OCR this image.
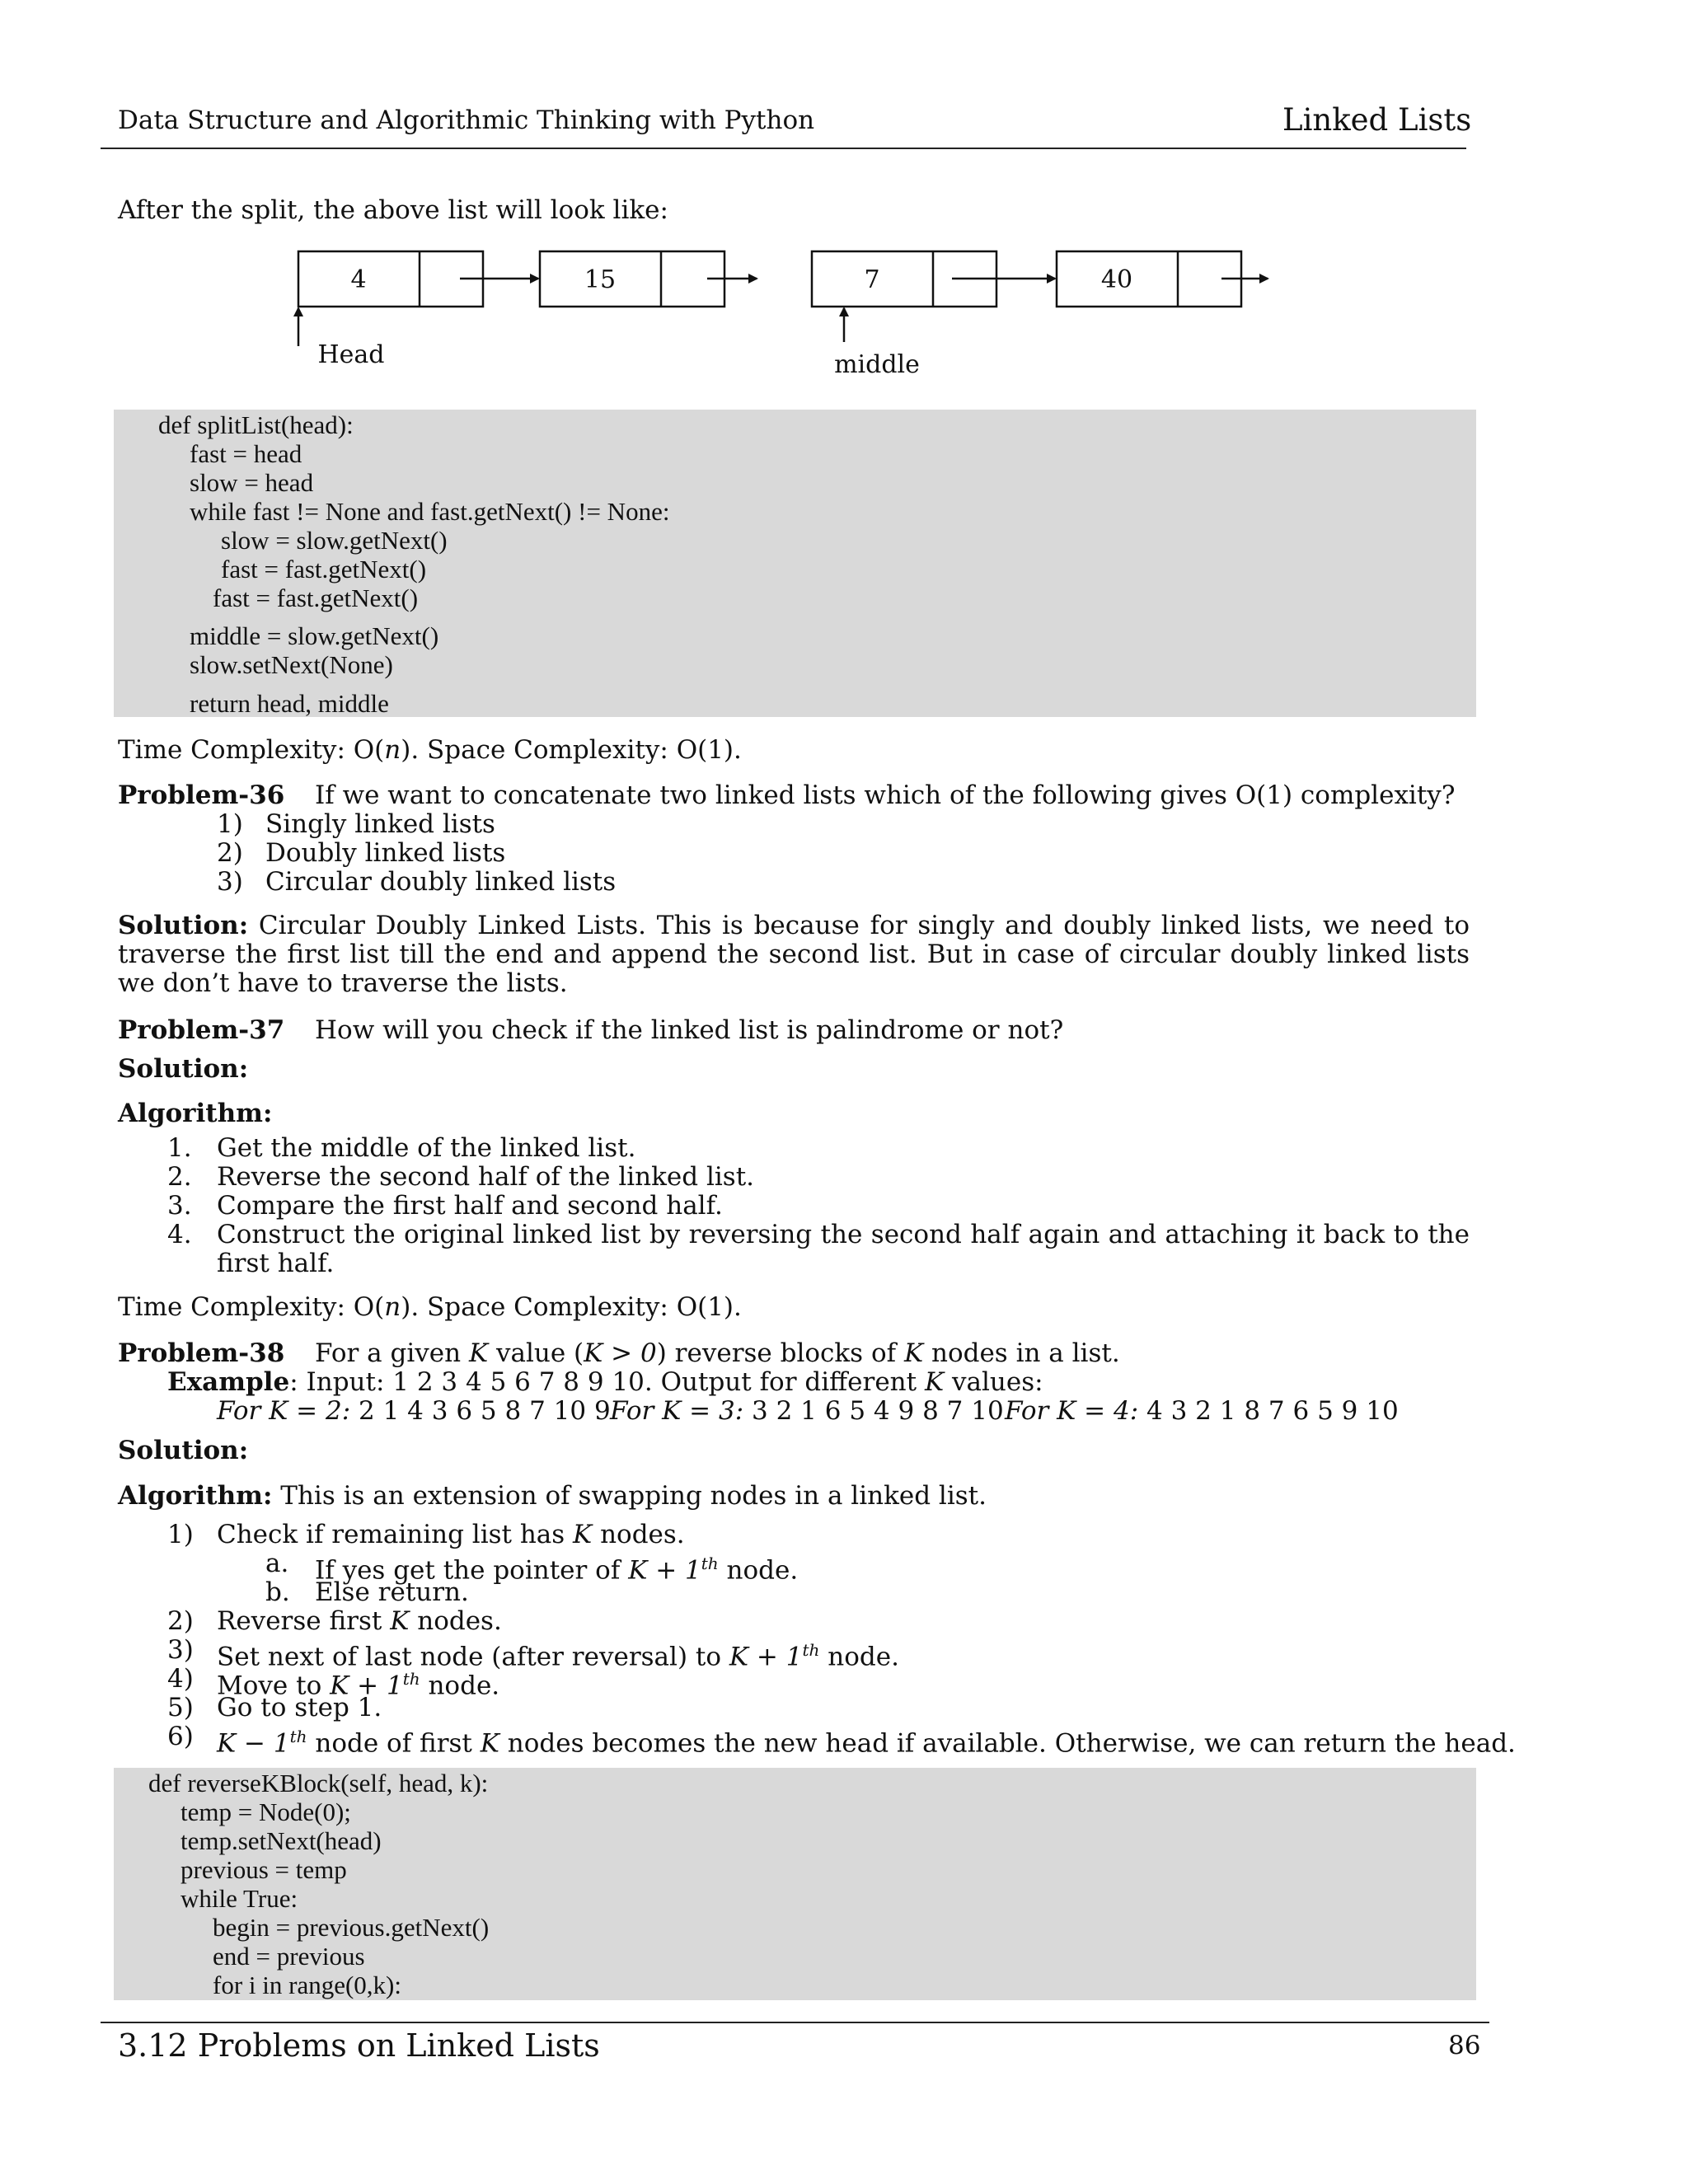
Data Structure and Algorithmic Thinking with Python	Linked Lists
After the split, the above list will look like:
4	15	7	40
Head	middle
def splitList(head):
fast = head
slow = head
while fast != None and fast.getNext() != None:
slow = slow.getNext()
fast = fast.getNext()
fast = fast.getNext()
middle = slow.getNext()
slow.setNext(None)
return head, middle
Time Complexity: O(n). Space Complexity: O(1).
Problem-36 If we want to concatenate two linked lists which of the following gives O(1) complexity?
1) Singly linked lists
2) Doubly linked lists
3) Circular doubly linked lists
Solution: Circular Doubly Linked Lists. This is because for singly and doubly linked lists, we need to traverse the first list till the end and append the second list. But in case of circular doubly linked lists we don’t have to traverse the lists.
Problem-37 How will you check if the linked list is palindrome or not?
Solution:
Algorithm:
1. Get the middle of the linked list.
2. Reverse the second half of the linked list.
3. Compare the first half and second half.
4. Construct the original linked list by reversing the second half again and attaching it back to the first half.
Time Complexity: O(n). Space Complexity: O(1).
Problem-38 For a given K value (K > 0) reverse blocks of K nodes in a list.
Example: Input: 1 2 3 4 5 6 7 8 9 10. Output for different K values:
For K = 2: 2 1 4 3 6 5 8 7 10 9 For K = 3: 3 2 1 6 5 4 9 8 7 10 For K = 4: 4 3 2 1 8 7 6 5 9 10
Solution:
Algorithm: This is an extension of swapping nodes in a linked list.
1) Check if remaining list has K nodes.
a. If yes get the pointer of K + 1th node.
b. Else return.
2) Reverse first K nodes.
3) Set next of last node (after reversal) to K + 1th node.
4) Move to K + 1th node.
5) Go to step 1.
6) K − 1th node of first K nodes becomes the new head if available. Otherwise, we can return the head.
def reverseKBlock(self, head, k):
temp = Node(0);
temp.setNext(head)
previous = temp
while True:
begin = previous.getNext()
end = previous
for i in range(0,k):
3.12 Problems on Linked Lists	86
